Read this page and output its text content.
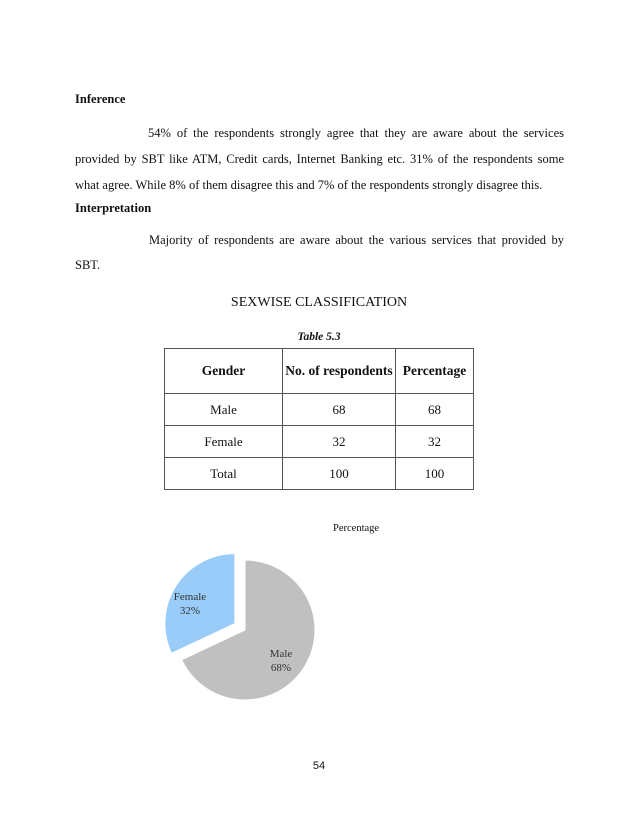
Inference
54% of the respondents strongly agree that they are aware about the services
provided by SBT like ATM, Credit cards, Internet Banking etc. 31% of the respondents some
what agree. While 8% of them disagree this and 7% of the respondents strongly disagree this.
Interpretation
Majority of respondents are aware about the various services that provided by
SBT.
SEXWISE CLASSIFICATION
Table 5.3
Gender	No. of respondents	Percentage
Male	68	68
Female	32	32
Total	100	100
Percentage
Female
32%
Male
68%
54
